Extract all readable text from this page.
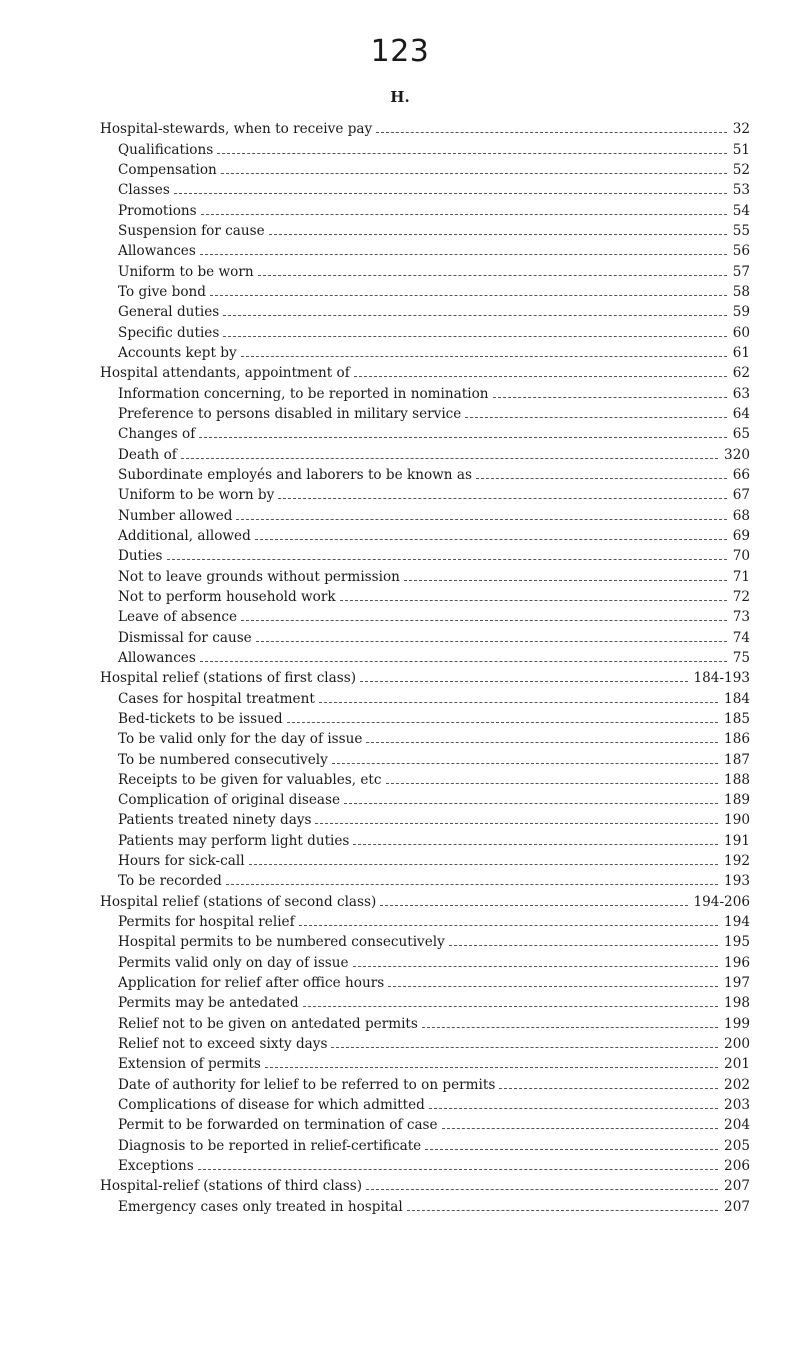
123
H.
Hospital-stewards, when to receive pay	32
Qualifications	51
Compensation	52
Classes	53
Promotions	54
Suspension for cause	55
Allowances	56
Uniform to be worn	57
To give bond	58
General duties	59
Specific duties	60
Accounts kept by	61
Hospital attendants, appointment of	62
Information concerning, to be reported in nomination	63
Preference to persons disabled in military service	64
Changes of	65
Death of	320
Subordinate employés and laborers to be known as	66
Uniform to be worn by	67
Number allowed	68
Additional, allowed	69
Duties	70
Not to leave grounds without permission	71
Not to perform household work	72
Leave of absence	73
Dismissal for cause	74
Allowances	75
Hospital relief (stations of first class)	184-193
Cases for hospital treatment	184
Bed-tickets to be issued	185
To be valid only for the day of issue	186
To be numbered consecutively	187
Receipts to be given for valuables, etc	188
Complication of original disease	189
Patients treated ninety days	190
Patients may perform light duties	191
Hours for sick-call	192
To be recorded	193
Hospital relief (stations of second class)	194-206
Permits for hospital relief	194
Hospital permits to be numbered consecutively	195
Permits valid only on day of issue	196
Application for relief after office hours	197
Permits may be antedated	198
Relief not to be given on antedated permits	199
Relief not to exceed sixty days	200
Extension of permits	201
Date of authority for lelief to be referred to on permits	202
Complications of disease for which admitted	203
Permit to be forwarded on termination of case	204
Diagnosis to be reported in relief-certificate	205
Exceptions	206
Hospital-relief (stations of third class)	207
Emergency cases only treated in hospital	207
